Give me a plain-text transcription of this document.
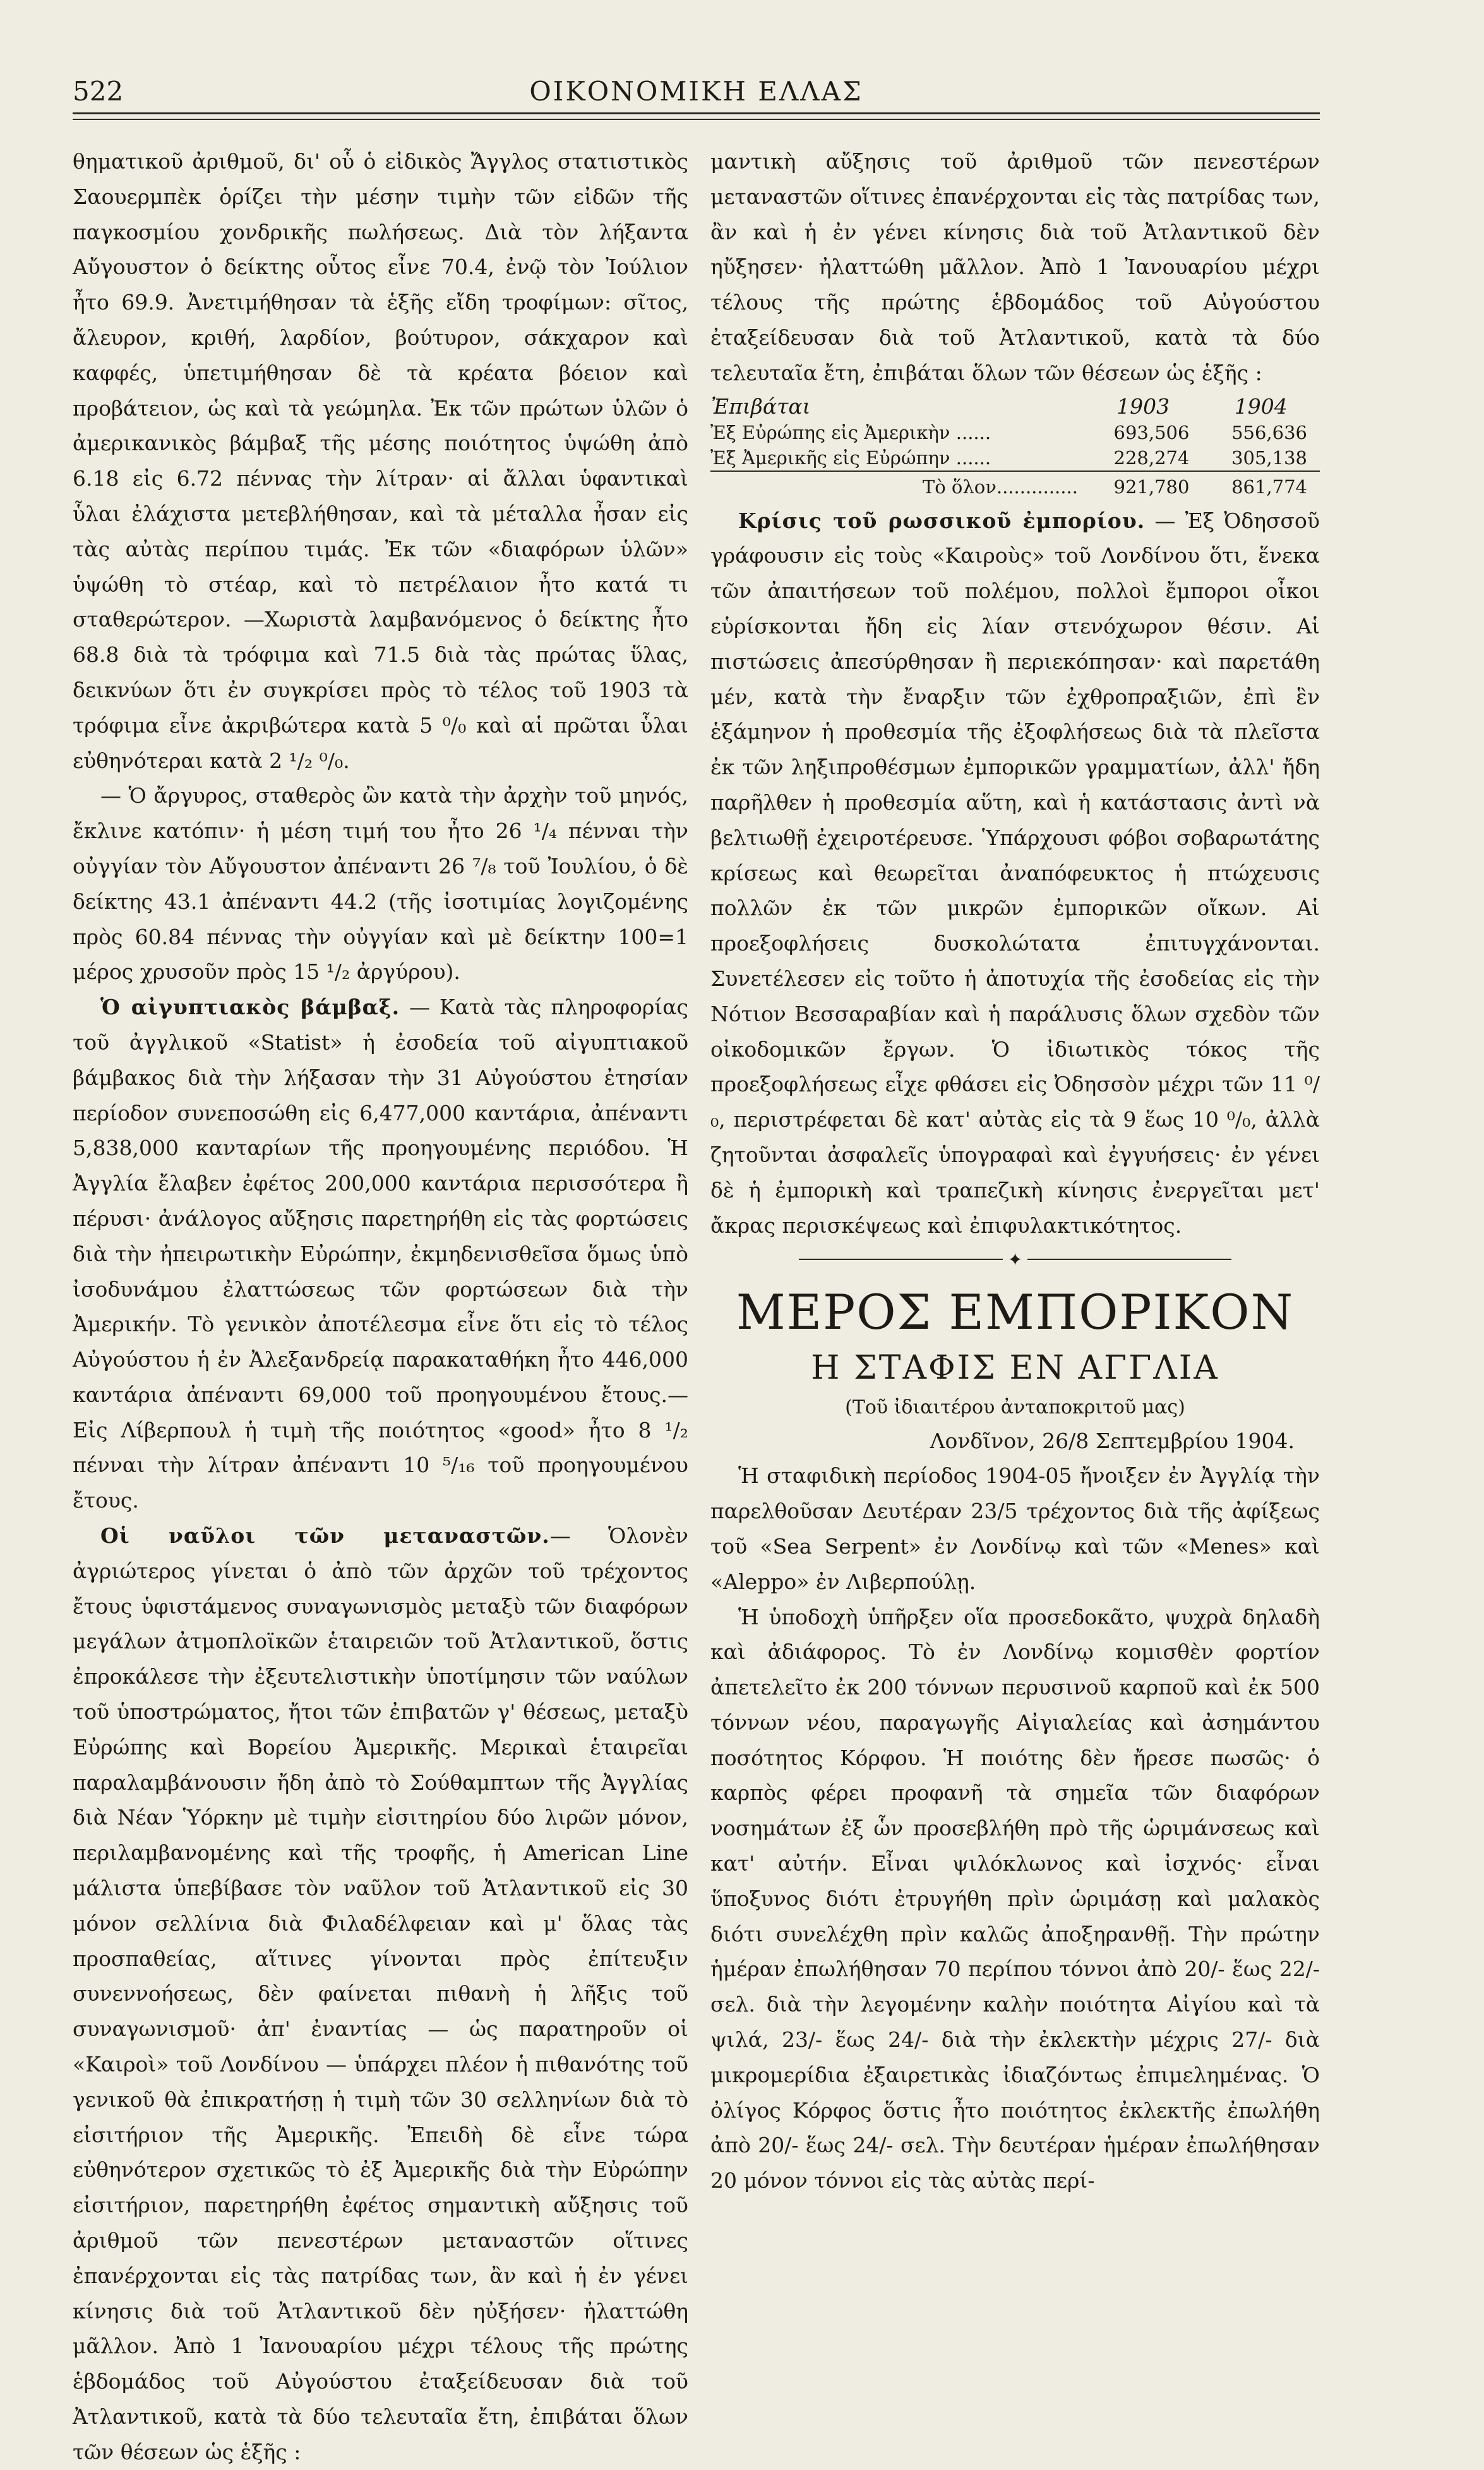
522	ΟΙΚΟΝΟΜΙΚΗ ΕΛΛΑΣ

θηματικοῦ ἀριθμοῦ, δι' οὗ ὁ εἰδικὸς Ἄγγλος στατιστικὸς Σαουερμπὲκ ὁρίζει τὴν μέσην τιμὴν τῶν εἰδῶν τῆς παγκοσμίου χονδρικῆς πωλήσεως. Διὰ τὸν λήξαντα Αὔγουστον ὁ δείκτης οὗτος εἶνε 70.4, ἐνῷ τὸν Ἰούλιον ἦτο 69.9. Ἀνετιμήθησαν τὰ ἑξῆς εἴδη τροφίμων: σῖτος, ἄλευρον, κριθή, λαρδίον, βούτυρον, σάκχαρον καὶ καφφές, ὑπετιμήθησαν δὲ τὰ κρέατα βόειον καὶ προβάτειον, ὡς καὶ τὰ γεώμηλα. Ἐκ τῶν πρώτων ὑλῶν ὁ ἀμερικανικὸς βάμβαξ τῆς μέσης ποιότητος ὑψώθη ἀπὸ 6.18 εἰς 6.72 πέννας τὴν λίτραν· αἱ ἄλλαι ὑφαντικαὶ ὗλαι ἐλάχιστα μετεβλήθησαν, καὶ τὰ μέταλλα ἦσαν εἰς τὰς αὐτὰς περίπου τιμάς. Ἐκ τῶν «διαφόρων ὑλῶν» ὑψώθη τὸ στέαρ, καὶ τὸ πετρέλαιον ἦτο κατά τι σταθερώτερον. —Χωριστὰ λαμβανόμενος ὁ δείκτης ἦτο 68.8 διὰ τὰ τρόφιμα καὶ 71.5 διὰ τὰς πρώτας ὕλας, δεικνύων ὅτι ἐν συγκρίσει πρὸς τὸ τέλος τοῦ 1903 τὰ τρόφιμα εἶνε ἀκριβώτερα κατὰ 5 ⁰/₀ καὶ αἱ πρῶται ὗλαι εὐθηνότεραι κατὰ 2 ¹/₂ ⁰/₀.

— Ὁ ἄργυρος, σταθερὸς ὢν κατὰ τὴν ἀρχὴν τοῦ μηνός, ἔκλινε κατόπιν· ἡ μέση τιμή του ἦτο 26 ¹/₄ πένναι τὴν οὐγγίαν τὸν Αὔγουστον ἀπέναντι 26 ⁷/₈ τοῦ Ἰουλίου, ὁ δὲ δείκτης 43.1 ἀπέναντι 44.2 (τῆς ἰσοτιμίας λογιζομένης πρὸς 60.84 πέννας τὴν οὐγγίαν καὶ μὲ δείκτην 100=1 μέρος χρυσοῦν πρὸς 15 ¹/₂ ἀργύρου).

Ὁ αἰγυπτιακὸς βάμβαξ. — Κατὰ τὰς πληροφορίας τοῦ ἀγγλικοῦ «Statist» ἡ ἐσοδεία τοῦ αἰγυπτιακοῦ βάμβακος διὰ τὴν λήξασαν τὴν 31 Αὐγούστου ἐτησίαν περίοδον συνεποσώθη εἰς 6,477,000 καντάρια, ἀπέναντι 5,838,000 κανταρίων τῆς προηγουμένης περιόδου. Ἡ Ἀγγλία ἔλαβεν ἐφέτος 200,000 καντάρια περισσότερα ἢ πέρυσι· ἀνάλογος αὔξησις παρετηρήθη εἰς τὰς φορτώσεις διὰ τὴν ἠπειρωτικὴν Εὐρώπην, ἐκμηδενισθεῖσα ὅμως ὑπὸ ἰσοδυνάμου ἐλαττώσεως τῶν φορτώσεων διὰ τὴν Ἀμερικήν. Τὸ γενικὸν ἀποτέλεσμα εἶνε ὅτι εἰς τὸ τέλος Αὐγούστου ἡ ἐν Ἀλεξανδρείᾳ παρακαταθήκη ἦτο 446,000 καντάρια ἀπέναντι 69,000 τοῦ προηγουμένου ἔτους.— Εἰς Λίβερπουλ ἡ τιμὴ τῆς ποιότητος «good» ἦτο 8 ¹/₂ πένναι τὴν λίτραν ἀπέναντι 10 ⁵/₁₆ τοῦ προηγουμένου ἔτους.

Οἱ ναῦλοι τῶν μεταναστῶν.— Ὁλονὲν ἀγριώτερος γίνεται ὁ ἀπὸ τῶν ἀρχῶν τοῦ τρέχοντος ἔτους ὑφιστάμενος συναγωνισμὸς μεταξὺ τῶν διαφόρων μεγάλων ἀτμοπλοϊκῶν ἑταιρειῶν τοῦ Ἀτλαντικοῦ, ὅστις ἐπροκάλεσε τὴν ἐξευτελιστικὴν ὑποτίμησιν τῶν ναύλων τοῦ ὑποστρώματος, ἤτοι τῶν ἐπιβατῶν γ' θέσεως, μεταξὺ Εὐρώπης καὶ Βορείου Ἀμερικῆς. Μερικαὶ ἑταιρεῖαι παραλαμβάνουσιν ἤδη ἀπὸ τὸ Σούθαμπτων τῆς Ἀγγλίας διὰ Νέαν Ὑόρκην μὲ τιμὴν εἰσιτηρίου δύο λιρῶν μόνον, περιλαμβανομένης καὶ τῆς τροφῆς, ἡ American Line μάλιστα ὑπεβίβασε τὸν ναῦλον τοῦ Ἀτλαντικοῦ εἰς 30 μόνον σελλίνια διὰ Φιλαδέλφειαν καὶ μ' ὅλας τὰς προσπαθείας, αἵτινες γίνονται πρὸς ἐπίτευξιν συνεννοήσεως, δὲν φαίνεται πιθανὴ ἡ λῆξις τοῦ συναγωνισμοῦ· ἀπ' ἐναντίας — ὡς παρατηροῦν οἱ «Καιροὶ» τοῦ Λονδίνου — ὑπάρχει πλέον ἡ πιθανότης τοῦ γενικοῦ θὰ ἐπικρατήσῃ ἡ τιμὴ τῶν 30 σελληνίων διὰ τὸ εἰσιτήριον τῆς Ἀμερικῆς. Ἐπειδὴ δὲ εἶνε τώρα εὐθηνότερον σχετικῶς τὸ ἐξ Ἀμερικῆς διὰ τὴν Εὐρώπην εἰσιτήριον, παρετηρήθη ἐφέτος σημαντικὴ αὔξησις τοῦ ἀριθμοῦ τῶν πενεστέρων μεταναστῶν οἵτινες ἐπανέρχονται εἰς τὰς πατρίδας των, ἂν καὶ ἡ ἐν γένει κίνησις διὰ τοῦ Ἀτλαντικοῦ δὲν ηὐξήσεν· ἠλαττώθη μᾶλλον. Ἀπὸ 1 Ἰανουαρίου μέχρι τέλους τῆς πρώτης ἑβδομάδος τοῦ Αὐγούστου ἐταξείδευσαν διὰ τοῦ Ἀτλαντικοῦ, κατὰ τὰ δύο τελευταῖα ἔτη, ἐπιβάται ὅλων τῶν θέσεων ὡς ἑξῆς :

μαντικὴ αὔξησις τοῦ ἀριθμοῦ τῶν πενεστέρων μεταναστῶν οἵτινες ἐπανέρχονται εἰς τὰς πατρίδας των, ἂν καὶ ἡ ἐν γένει κίνησις διὰ τοῦ Ἀτλαντικοῦ δὲν ηὔξησεν· ἠλαττώθη μᾶλλον. Ἀπὸ 1 Ἰανουαρίου μέχρι τέλους τῆς πρώτης ἑβδομάδος τοῦ Αὐγούστου ἐταξείδευσαν διὰ τοῦ Ἀτλαντικοῦ, κατὰ τὰ δύο τελευταῖα ἔτη, ἐπιβάται ὅλων τῶν θέσεων ὡς ἑξῆς :

Ἐπιβάται	1903	1904
Ἐξ Εὐρώπης εἰς Ἀμερικὴν ......	693,506	556,636
Ἐξ Ἀμερικῆς εἰς Εὐρώπην ......	228,274	305,138
Τὸ ὅλον..............	921,780	861,774

Κρίσις τοῦ ρωσσικοῦ ἐμπορίου. — Ἐξ Ὀδησσοῦ γράφουσιν εἰς τοὺς «Καιροὺς» τοῦ Λονδίνου ὅτι, ἕνεκα τῶν ἀπαιτήσεων τοῦ πολέμου, πολλοὶ ἔμποροι οἶκοι εὑρίσκονται ἤδη εἰς λίαν στενόχωρον θέσιν. Αἱ πιστώσεις ἀπεσύρθησαν ἢ περιεκόπησαν· καὶ παρετάθη μέν, κατὰ τὴν ἔναρξιν τῶν ἐχθροπραξιῶν, ἐπὶ ἓν ἑξάμηνον ἡ προθεσμία τῆς ἐξοφλήσεως διὰ τὰ πλεῖστα ἐκ τῶν ληξιπροθέσμων ἐμπορικῶν γραμματίων, ἀλλ' ἤδη παρῆλθεν ἡ προθεσμία αὕτη, καὶ ἡ κατάστασις ἀντὶ νὰ βελτιωθῇ ἐχειροτέρευσε. Ὑπάρχουσι φόβοι σοβαρωτάτης κρίσεως καὶ θεωρεῖται ἀναπόφευκτος ἡ πτώχευσις πολλῶν ἐκ τῶν μικρῶν ἐμπορικῶν οἴκων. Αἱ προεξοφλήσεις δυσκολώτατα ἐπιτυγχάνονται. Συνετέλεσεν εἰς τοῦτο ἡ ἀποτυχία τῆς ἐσοδείας εἰς τὴν Νότιον Βεσσαραβίαν καὶ ἡ παράλυσις ὅλων σχεδὸν τῶν οἰκοδομικῶν ἔργων. Ὁ ἰδιωτικὸς τόκος τῆς προεξοφλήσεως εἶχε φθάσει εἰς Ὀδησσὸν μέχρι τῶν 11 ⁰/₀, περιστρέφεται δὲ κατ' αὐτὰς εἰς τὰ 9 ἕως 10 ⁰/₀, ἀλλὰ ζητοῦνται ἀσφαλεῖς ὑπογραφαὶ καὶ ἐγγυήσεις· ἐν γένει δὲ ἡ ἐμπορικὴ καὶ τραπεζικὴ κίνησις ἐνεργεῖται μετ' ἄκρας περισκέψεως καὶ ἐπιφυλακτικότητος.

✦
ΜΕΡΟΣ ΕΜΠΟΡΙΚΟΝ
Η ΣΤΑΦΙΣ ΕΝ ΑΓΓΛΙΑ
(Τοῦ ἰδιαιτέρου ἀνταποκριτοῦ μας)
Λονδῖνον, 26/8 Σεπτεμβρίου 1904.

Ἡ σταφιδικὴ περίοδος 1904-05 ἤνοιξεν ἐν Ἀγγλίᾳ τὴν παρελθοῦσαν Δευτέραν 23/5 τρέχοντος διὰ τῆς ἀφίξεως τοῦ «Sea Serpent» ἐν Λονδίνῳ καὶ τῶν «Menes» καὶ «Aleppo» ἐν Λιβερπούλῃ.

Ἡ ὑποδοχὴ ὑπῆρξεν οἵα προσεδοκᾶτο, ψυχρὰ δηλαδὴ καὶ ἀδιάφορος. Τὸ ἐν Λονδίνῳ κομισθὲν φορτίον ἀπετελεῖτο ἐκ 200 τόννων περυσινοῦ καρποῦ καὶ ἐκ 500 τόννων νέου, παραγωγῆς Αἰγιαλείας καὶ ἀσημάντου ποσότητος Κόρφου. Ἡ ποιότης δὲν ἤρεσε πωσῶς· ὁ καρπὸς φέρει προφανῆ τὰ σημεῖα τῶν διαφόρων νοσημάτων ἐξ ὧν προσεβλήθη πρὸ τῆς ὡριμάνσεως καὶ κατ' αὐτήν. Εἶναι ψιλόκλωνος καὶ ἰσχνός· εἶναι ὕποξυνος διότι ἐτρυγήθη πρὶν ὡριμάσῃ καὶ μαλακὸς διότι συνελέχθη πρὶν καλῶς ἀποξηρανθῇ. Τὴν πρώτην ἡμέραν ἐπωλήθησαν 70 περίπου τόννοι ἀπὸ 20/- ἕως 22/- σελ. διὰ τὴν λεγομένην καλὴν ποιότητα Αἰγίου καὶ τὰ ψιλά, 23/- ἕως 24/- διὰ τὴν ἐκλεκτὴν μέχρις 27/- διὰ μικρομερίδια ἐξαιρετικὰς ἰδιαζόντως ἐπιμελημένας. Ὁ ὀλίγος Κόρφος ὅστις ἦτο ποιότητος ἐκλεκτῆς ἐπωλήθη ἀπὸ 20/- ἕως 24/- σελ. Τὴν δευτέραν ἡμέραν ἐπωλήθησαν 20 μόνον τόννοι εἰς τὰς αὐτὰς περί-
